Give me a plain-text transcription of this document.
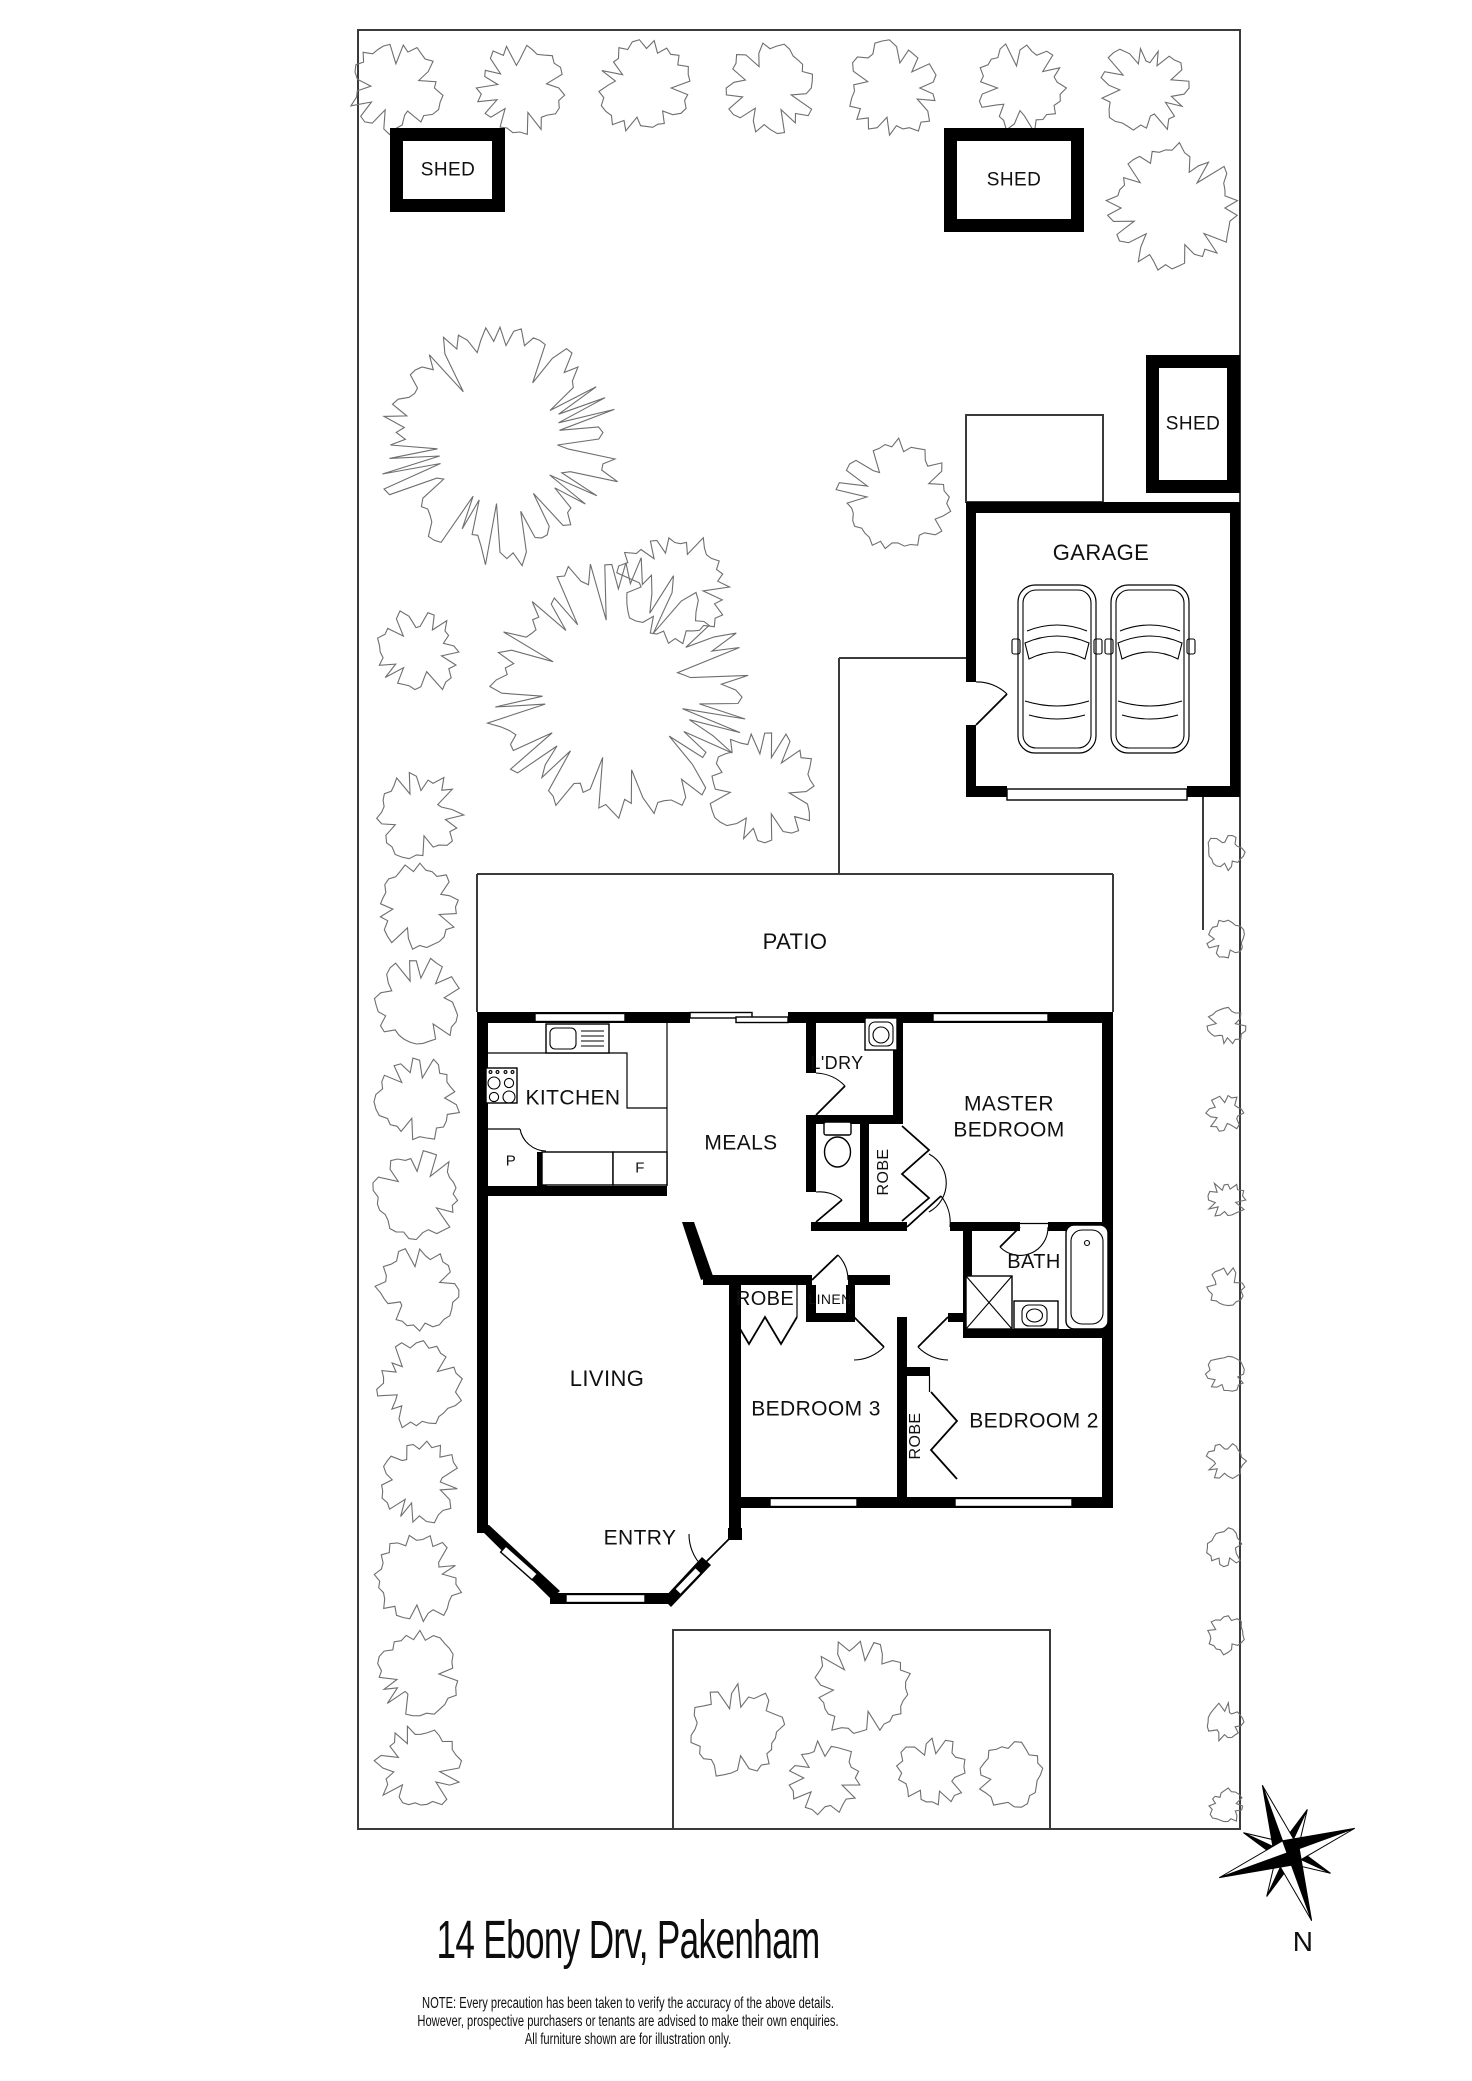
PATIO
KITCHEN
MEALS
L'DRY
MASTER
BEDROOM
ROBE
BATH
ROBE LINEN
LIVING
BEDROOM 3
ROBE BEDROOM 2
ENTRY
GARAGE
SHED	SHED
SHED
P	F
N
14 Ebony Drv, Pakenham
NOTE: Every precaution has been taken to verify the accuracy of the above details.
However, prospective purchasers or tenants are advised to make their own enquiries.
All furniture shown are for illustration only.
